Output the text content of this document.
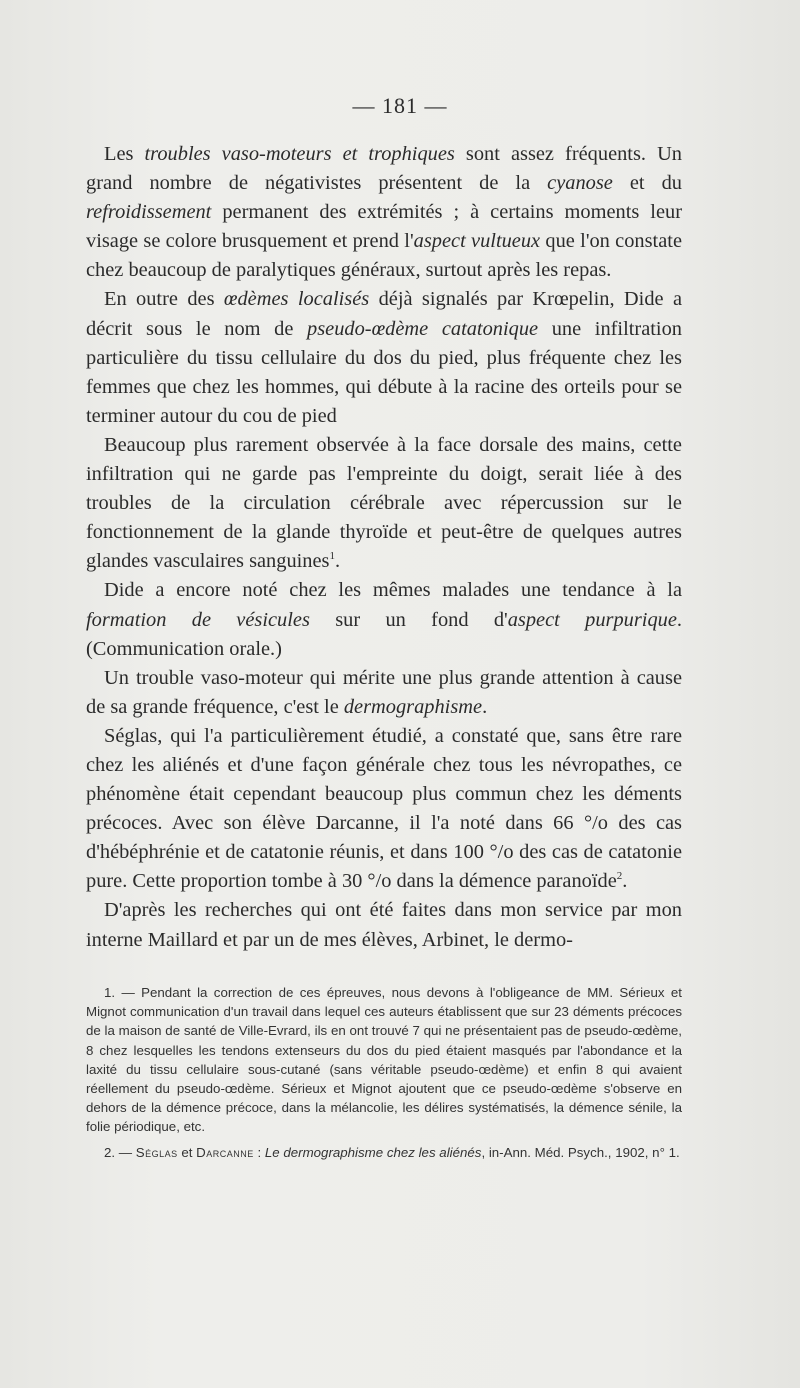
— 181 —

Les troubles vaso-moteurs et trophiques sont assez fréquents. Un grand nombre de négativistes présentent de la cyanose et du refroidissement permanent des extrémités ; à certains moments leur visage se colore brusquement et prend l'aspect vultueux que l'on constate chez beaucoup de paralytiques généraux, surtout après les repas.

En outre des œdèmes localisés déjà signalés par Krœpelin, Dide a décrit sous le nom de pseudo-œdème catatonique une infiltration particulière du tissu cellulaire du dos du pied, plus fréquente chez les femmes que chez les hommes, qui débute à la racine des orteils pour se terminer autour du cou de pied

Beaucoup plus rarement observée à la face dorsale des mains, cette infiltration qui ne garde pas l'empreinte du doigt, serait liée à des troubles de la circulation cérébrale avec répercussion sur le fonctionnement de la glande thyroïde et peut-être de quelques autres glandes vasculaires sanguines$^1$.

Dide a encore noté chez les mêmes malades une tendance à la formation de vésicules sur un fond d'aspect purpurique. (Communication orale.)

Un trouble vaso-moteur qui mérite une plus grande attention à cause de sa grande fréquence, c'est le dermographisme.

Séglas, qui l'a particulièrement étudié, a constaté que, sans être rare chez les aliénés et d'une façon générale chez tous les névropathes, ce phénomène était cependant beaucoup plus commun chez les déments précoces. Avec son élève Darcanne, il l'a noté dans 66 °/o des cas d'hébéphrénie et de catatonie réunis, et dans 100 °/o des cas de catatonie pure. Cette proportion tombe à 30 °/o dans la démence paranoïde$^2$.

D'après les recherches qui ont été faites dans mon service par mon interne Maillard et par un de mes élèves, Arbinet, le dermo-

1. — Pendant la correction de ces épreuves, nous devons à l'obligeance de MM. Sérieux et Mignot communication d'un travail dans lequel ces auteurs établissent que sur 23 déments précoces de la maison de santé de Ville-Evrard, ils en ont trouvé 7 qui ne présentaient pas de pseudo-œdème, 8 chez lesquelles les tendons extenseurs du dos du pied étaient masqués par l'abondance et la laxité du tissu cellulaire sous-cutané (sans véritable pseudo-œdème) et enfin 8 qui avaient réellement du pseudo-œdème. Sérieux et Mignot ajoutent que ce pseudo-œdème s'observe en dehors de la démence précoce, dans la mélancolie, les délires systématisés, la démence sénile, la folie périodique, etc.

2. — Séglas et Darcanne : Le dermographisme chez les aliénés, in-Ann. Méd. Psych., 1902, n° 1.
